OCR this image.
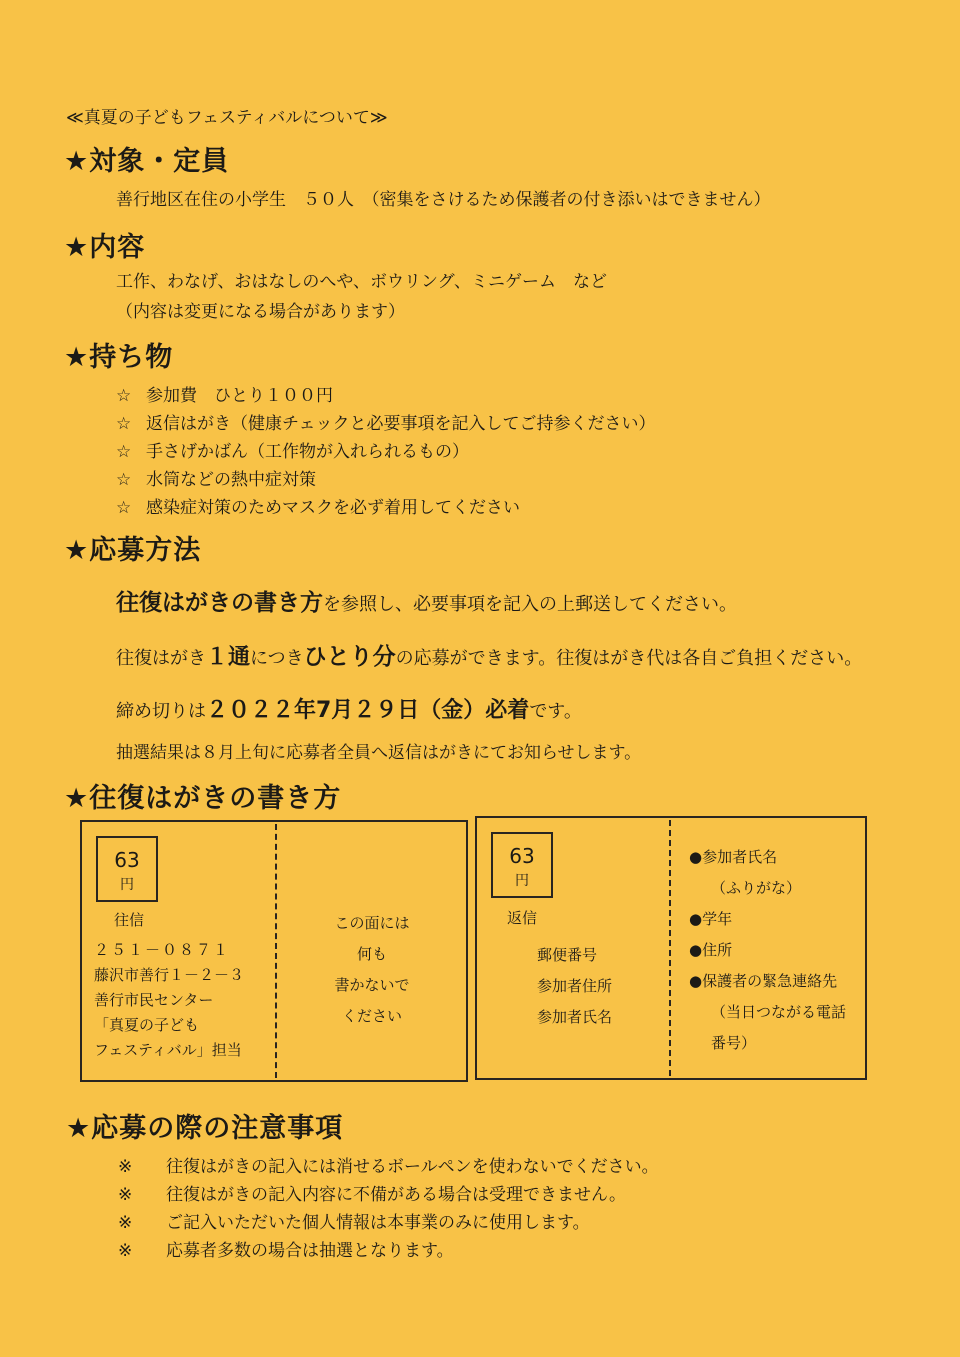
≪真夏の子どもフェスティバルについて≫
★対象・定員
善行地区在住の小学生　５０人　（密集をさけるため保護者の付き添いはできません）
★内容
工作、わなげ、おはなしのへや、ボウリング、ミニゲーム　など
（内容は変更になる場合があります）
★持ち物
☆ 参加費　ひとり１００円
☆ 返信はがき（健康チェックと必要事項を記入してご持参ください）
☆ 手さげかばん（工作物が入れられるもの）
☆ 水筒などの熱中症対策
☆ 感染症対策のためマスクを必ず着用してください
★応募方法
往復はがきの書き方を参照し、必要事項を記入の上郵送してください。
往復はがき１通につきひとり分の応募ができます。往復はがき代は各自ご負担ください。
締め切りは２０２２年7月２９日（金）必着です。
抽選結果は８月上旬に応募者全員へ返信はがきにてお知らせします。
★往復はがきの書き方
63
円
往信
２５１－０８７１
藤沢市善行１－２－３
善行市民センター
「真夏の子ども
フェスティバル」担当
この面には
何も
書かないで
ください
63
円
返信
郵便番号
参加者住所
参加者氏名
●参加者氏名
（ふりがな）
●学年
●住所
●保護者の緊急連絡先
（当日つながる電話
番号）
★応募の際の注意事項
※	往復はがきの記入には消せるボールペンを使わないでください。
※	往復はがきの記入内容に不備がある場合は受理できません。
※	ご記入いただいた個人情報は本事業のみに使用します。
※	応募者多数の場合は抽選となります。
